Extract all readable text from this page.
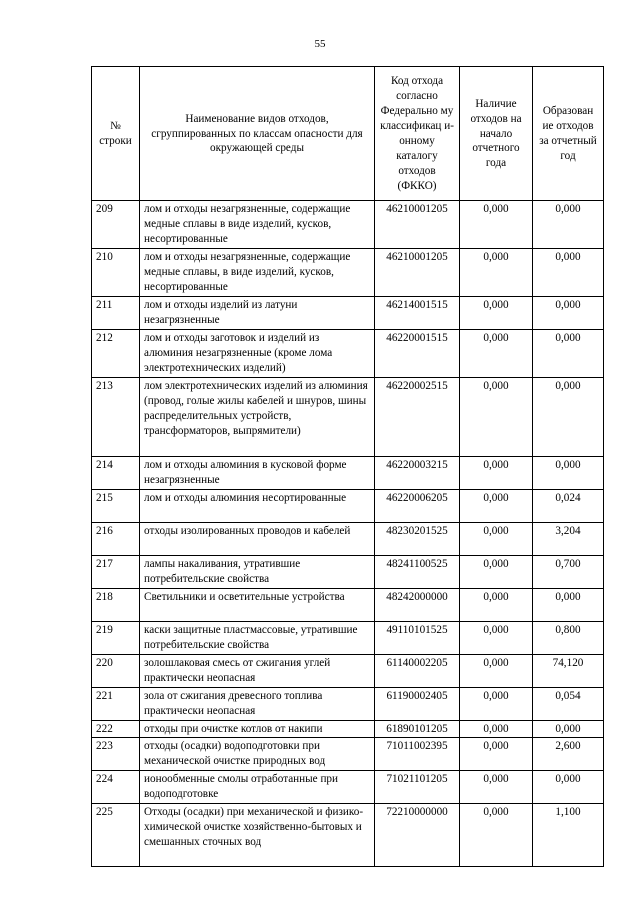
55
№ строки	Наименование видов отходов, сгруппированных по классам опасности для окружающей среды	Код отхода согласно Федерально му классификац и-онному каталогу отходов (ФККО)	Наличие отходов на начало отчетного года	Образован ие отходов за отчетный год
209	лом и отходы незагрязненные, содержащие медные сплавы в виде изделий, кусков, несортированные	46210001205	0,000	0,000
210	лом и отходы незагрязненные, содержащие медные сплавы, в виде изделий, кусков, несортированные	46210001205	0,000	0,000
211	лом и отходы изделий из латуни незагрязненные	46214001515	0,000	0,000
212	лом и отходы заготовок и изделий из алюминия незагрязненные (кроме лома электротехнических изделий)	46220001515	0,000	0,000
213	лом электротехнических изделий из алюминия (провод, голые жилы кабелей и шнуров, шины распределительных устройств, трансформаторов, выпрямители)	46220002515	0,000	0,000
214	лом и отходы алюминия в кусковой форме незагрязненные	46220003215	0,000	0,000
215	лом и отходы алюминия несортированные	46220006205	0,000	0,024
216	отходы изолированных проводов и кабелей	48230201525	0,000	3,204
217	лампы накаливания, утратившие потребительские свойства	48241100525	0,000	0,700
218	Светильники и осветительные устройства	48242000000	0,000	0,000
219	каски защитные пластмассовые, утратившие потребительские свойства	49110101525	0,000	0,800
220	золошлаковая смесь от сжигания углей практически неопасная	61140002205	0,000	74,120
221	зола от сжигания древесного топлива практически неопасная	61190002405	0,000	0,054
222	отходы при очистке котлов от накипи	61890101205	0,000	0,000
223	отходы (осадки) водоподготовки при механической очистке природных вод	71011002395	0,000	2,600
224	ионообменные смолы отработанные при водоподготовке	71021101205	0,000	0,000
225	Отходы (осадки) при механической и физико-химической очистке хозяйственно-бытовых и смешанных сточных вод	72210000000	0,000	1,100
